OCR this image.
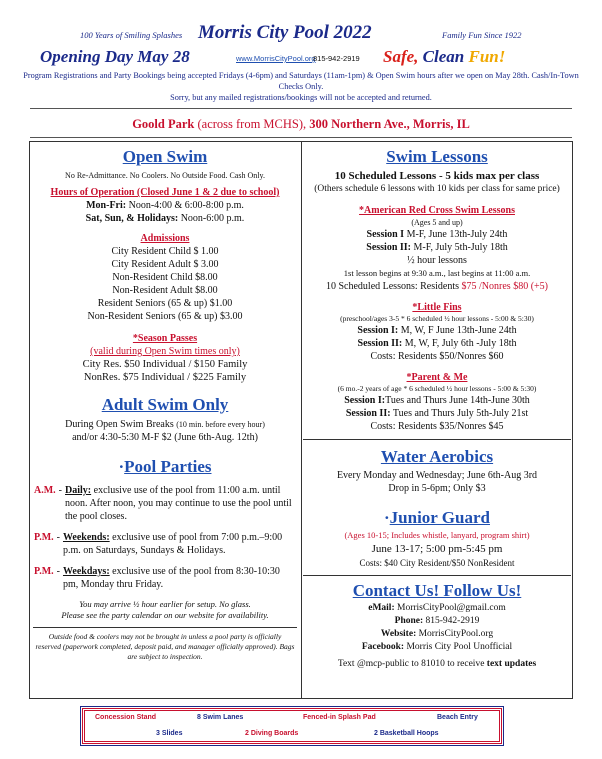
100 Years of Smiling Splashes Morris City Pool 2022	Family Fun Since 1922
Opening Day May 28	www.MorrisCityPool.org
815-942-2919 Safe, Clean Fun!
Program Registrations and Party Bookings being accepted Fridays (4-6pm) and Saturdays (11am-1pm) & Open Swim hours after we open on May 28th. Cash/In-Town Checks Only.
Sorry, but any mailed registrations/bookings will not be accepted and returned.
Goold Park (across from MCHS), 300 Northern Ave., Morris, IL
Open Swim
No Re-Admittance. No Coolers. No Outside Food. Cash Only.
Hours of Operation (Closed June 1 & 2 due to school)
Mon-Fri: Noon-4:00 & 6:00-8:00 p.m.
Sat, Sun, & Holidays: Noon-6:00 p.m.
Admissions
City Resident Child $ 1.00
City Resident Adult $ 3.00
Non-Resident Child $8.00
Non-Resident Adult $8.00
Resident Seniors (65 & up) $1.00
Non-Resident Seniors (65 & up) $3.00
*Season Passes
(valid during Open Swim times only)
City Res. $50 Individual / $150 Family
NonRes. $75 Individual / $225 Family
Adult Swim Only
During Open Swim Breaks (10 min. before every hour)
and/or 4:30-5:30 M-F $2 (June 6th-Aug. 12th)
·Pool Parties
A.M. - Daily: exclusive use of the pool from 11:00 a.m. until noon. After noon, you may continue to use the pool until the pool closes.
P.M. - Weekends: exclusive use of pool from 7:00 p.m.–9:00 p.m. on Saturdays, Sundays & Holidays.
P.M. - Weekdays: exclusive use of the pool from 8:30-10:30 pm, Monday thru Friday.
You may arrive ½ hour earlier for setup. No glass.
Please see the party calendar on our website for availability.
Outside food & coolers may not be brought in unless a pool party is officially reserved (paperwork completed, deposit paid, and manager officially approved). Bags are subject to inspection.
Swim Lessons
10 Scheduled Lessons - 5 kids max per class
(Others schedule 6 lessons with 10 kids per class for same price)
*American Red Cross Swim Lessons
(Ages 5 and up)
Session I M-F, June 13th-July 24th
Session II: M-F, July 5th-July 18th
½ hour lessons
1st lesson begins at 9:30 a.m., last begins at 11:00 a.m.
10 Scheduled Lessons: Residents $75 /Nonres $80 (+5)
*Little Fins
(preschool/ages 3-5 * 6 scheduled ½ hour lessons - 5:00 & 5:30)
Session I: M, W, F June 13th-June 24th
Session II: M, W, F, July 6th -July 18th
Costs: Residents $50/Nonres $60
*Parent & Me
(6 mo.-2 years of age * 6 scheduled ½ hour lessons - 5:00 & 5:30)
Session I:Tues and Thurs June 14th-June 30th
Session II: Tues and Thurs July 5th-July 21st
Costs: Residents $35/Nonres $45
Water Aerobics
Every Monday and Wednesday; June 6th-Aug 3rd
Drop in 5-6pm; Only $3
·Junior Guard
(Ages 10-15; Includes whistle, lanyard, program shirt)
June 13-17; 5:00 pm-5:45 pm
Costs: $40 City Resident/$50 NonResident
Contact Us! Follow Us!
eMail: MorrisCityPool@gmail.com
Phone: 815-942-2919
Website: MorrisCityPool.org
Facebook: Morris City Pool Unofficial
Text @mcp-public to 81010 to receive text updates
Concession Stand	8 Swim Lanes	Fenced-in Splash Pad	Beach Entry
3 Slides	2 Diving Boards	2 Basketball Hoops
